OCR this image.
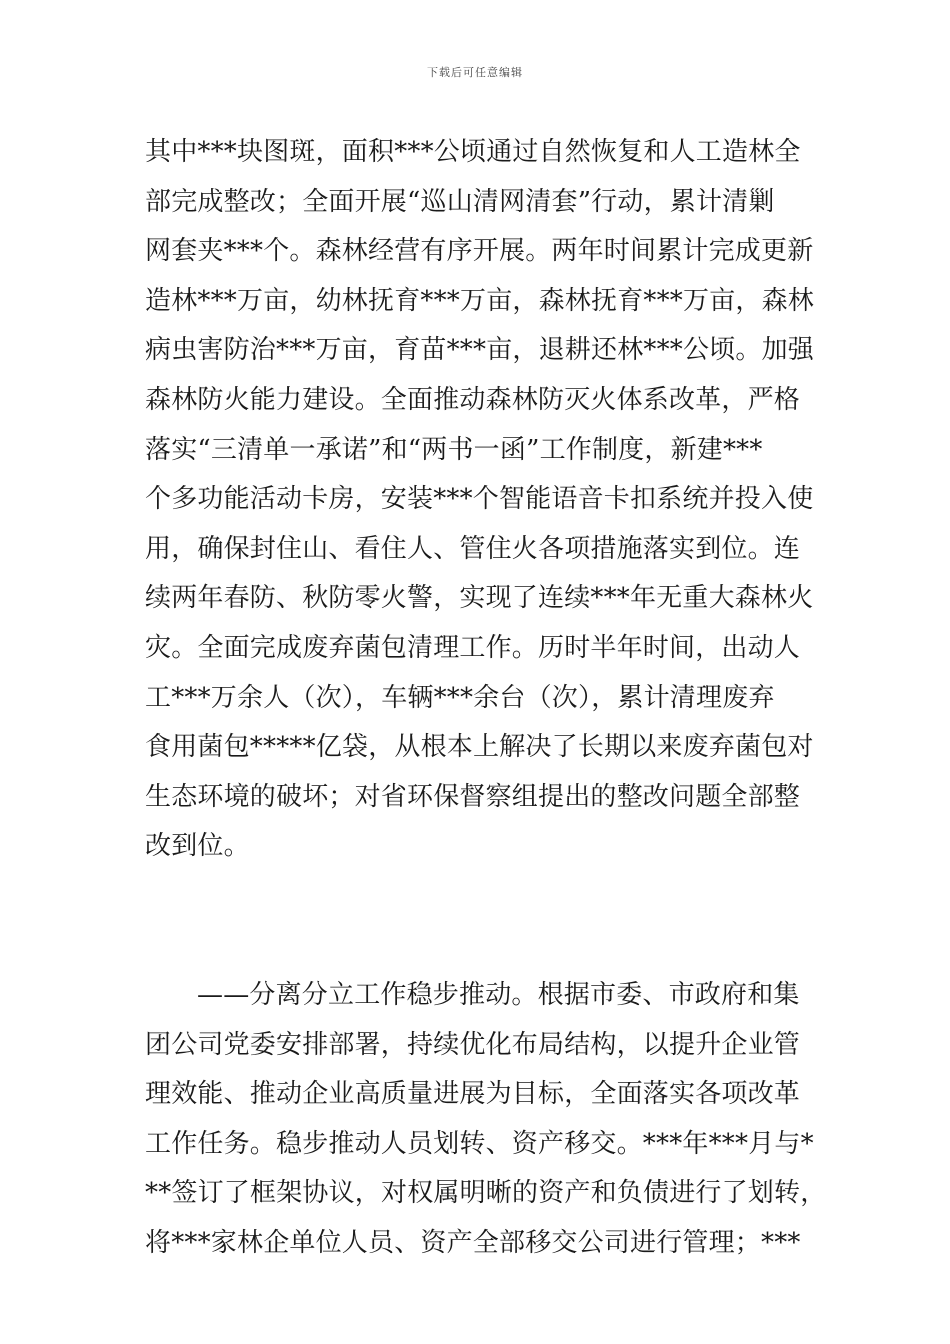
下载后可任意编辑
其中***块图斑，面积***公顷通过自然恢复和人工造林全
部完成整改；全面开展“巡山清网清套”行动，累计清剿
网套夹***个。森林经营有序开展。两年时间累计完成更新
造林***万亩，幼林抚育***万亩，森林抚育***万亩，森林
病虫害防治***万亩，育苗***亩，退耕还林***公顷。加强
森林防火能力建设。全面推动森林防灭火体系改革，严格
落实“三清单一承诺”和“两书一函”工作制度，新建***
个多功能活动卡房，安装***个智能语音卡扣系统并投入使
用，确保封住山、看住人、管住火各项措施落实到位。连
续两年春防、秋防零火警，实现了连续***年无重大森林火
灾。全面完成废弃菌包清理工作。历时半年时间，出动人
工***万余人（次），车辆***余台（次），累计清理废弃
食用菌包*****亿袋，从根本上解决了长期以来废弃菌包对
生态环境的破坏；对省环保督察组提出的整改问题全部整
改到位。
——分离分立工作稳步推动。根据市委、市政府和集
团公司党委安排部署，持续优化布局结构，以提升企业管
理效能、推动企业高质量进展为目标，全面落实各项改革
工作任务。稳步推动人员划转、资产移交。***年***月与*
**签订了框架协议，对权属明晰的资产和负债进行了划转，
将***家林企单位人员、资产全部移交公司进行管理；***
